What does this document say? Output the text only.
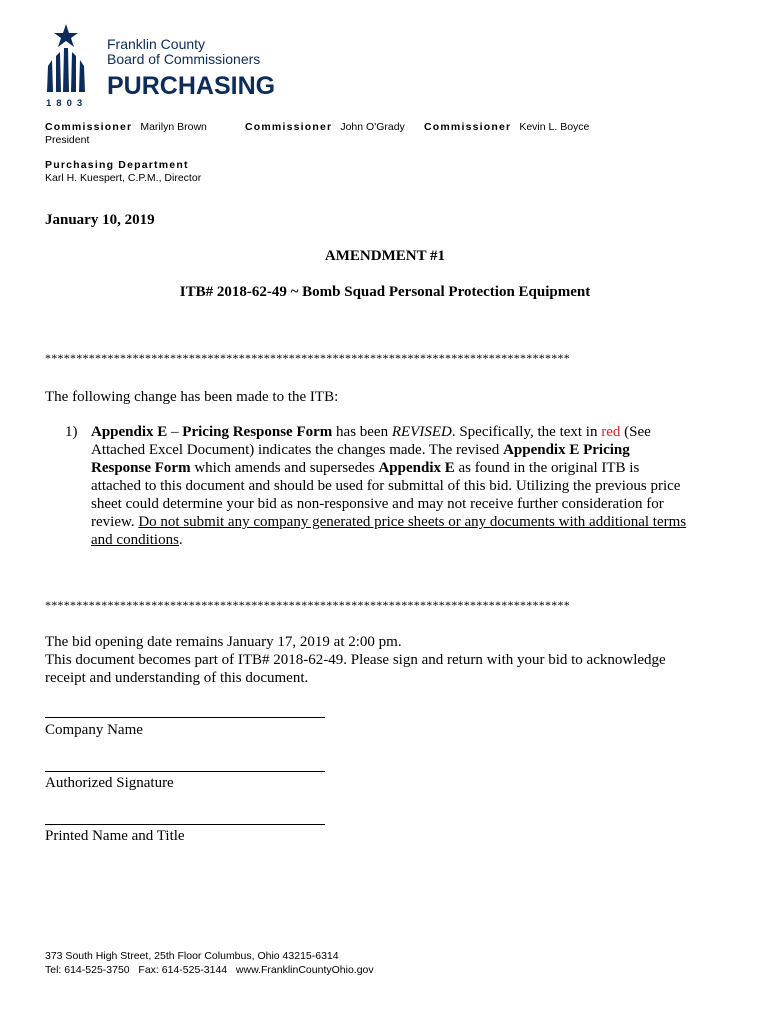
1803
Franklin County
Board of Commissioners
PURCHASING
Commissioner Marilyn Brown
President
Commissioner John O'Grady Commissioner Kevin L. Boyce
Purchasing Department
Karl H. Kuespert, C.P.M., Director
January 10, 2019
AMENDMENT #1
ITB# 2018-62-49 ~ Bomb Squad Personal Protection Equipment
************************************************************************************
The following change has been made to the ITB:
1) Appendix E – Pricing Response Form has been REVISED. Specifically, the text in red (See Attached Excel Document) indicates the changes made. The revised Appendix E Pricing Response Form which amends and supersedes Appendix E as found in the original ITB is attached to this document and should be used for submittal of this bid. Utilizing the previous price sheet could determine your bid as non-responsive and may not receive further consideration for review. Do not submit any company generated price sheets or any documents with additional terms and conditions.
************************************************************************************
The bid opening date remains January 17, 2019 at 2:00 pm.
This document becomes part of ITB# 2018-62-49. Please sign and return with your bid to acknowledge receipt and understanding of this document.
Company Name
Authorized Signature
Printed Name and Title
373 South High Street, 25th Floor Columbus, Ohio 43215-6314
Tel: 614-525-3750 Fax: 614-525-3144 www.FranklinCountyOhio.gov
